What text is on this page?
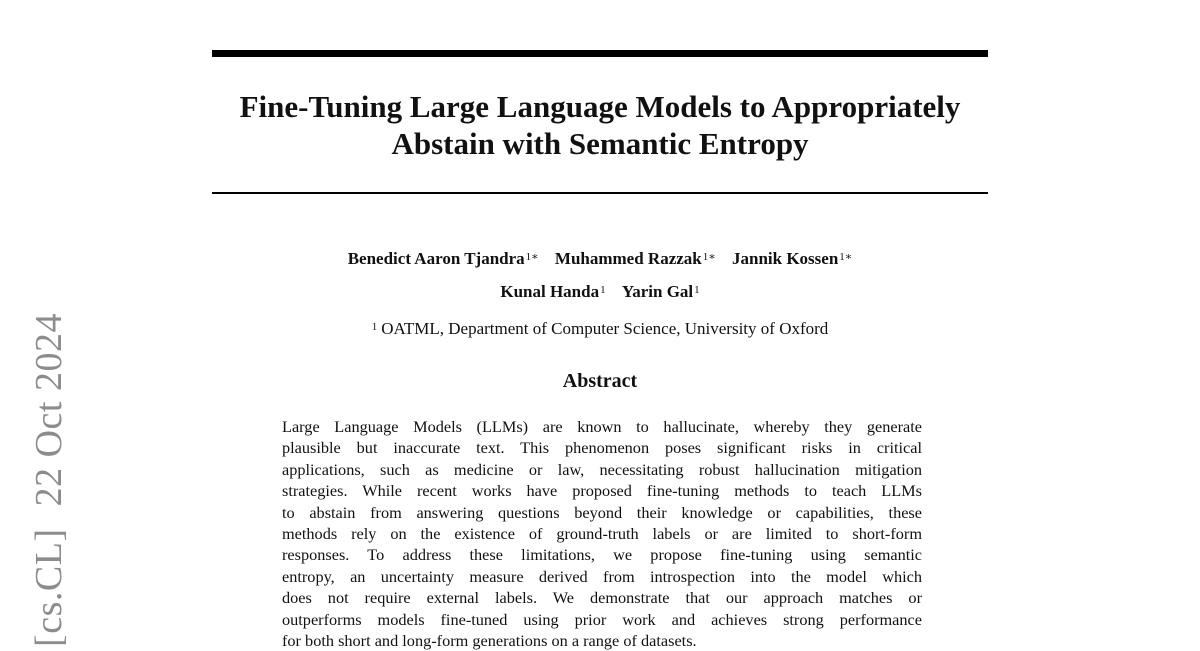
Fine-Tuning Large Language Models to Appropriately
Abstain with Semantic Entropy
Benedict Aaron Tjandra$^{1∗}$ Muhammed Razzak$^{1∗}$ Jannik Kossen$^{1∗}$
Kunal Handa$^1$ Yarin Gal$^1$
$^1$ OATML, Department of Computer Science, University of Oxford
Abstract
Large Language Models (LLMs) are known to hallucinate, whereby they generate
plausible but inaccurate text. This phenomenon poses significant risks in critical
applications, such as medicine or law, necessitating robust hallucination mitigation
strategies. While recent works have proposed fine-tuning methods to teach LLMs
to abstain from answering questions beyond their knowledge or capabilities, these
methods rely on the existence of ground-truth labels or are limited to short-form
responses. To address these limitations, we propose fine-tuning using semantic
entropy, an uncertainty measure derived from introspection into the model which
does not require external labels. We demonstrate that our approach matches or
outperforms models fine-tuned using prior work and achieves strong performance
for both short and long-form generations on a range of datasets.
[cs.CL]22 Oct 2024
